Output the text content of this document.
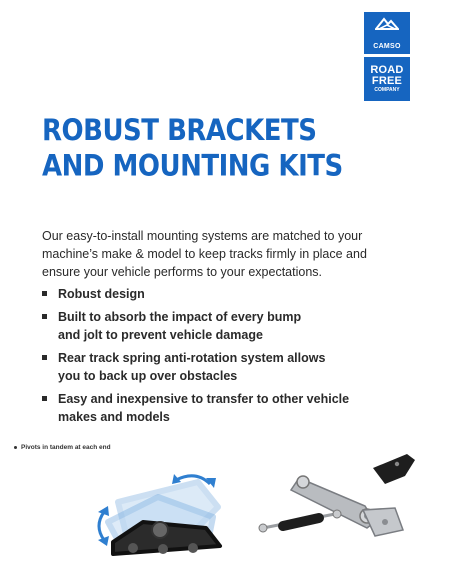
CAMSO
ROAD
FREE
COMPANY
ROBUST BRACKETS
AND MOUNTING KITS

Our easy-to-install mounting systems are matched to your machine’s make & model to keep tracks firmly in place and ensure your vehicle performs to your expectations.

Robust design
Built to absorb the impact of every bump
and jolt to prevent vehicle damage
Rear track spring anti-rotation system allows
you to back up over obstacles
Easy and inexpensive to transfer to other vehicle
makes and models
Pivots in tandem at each end
